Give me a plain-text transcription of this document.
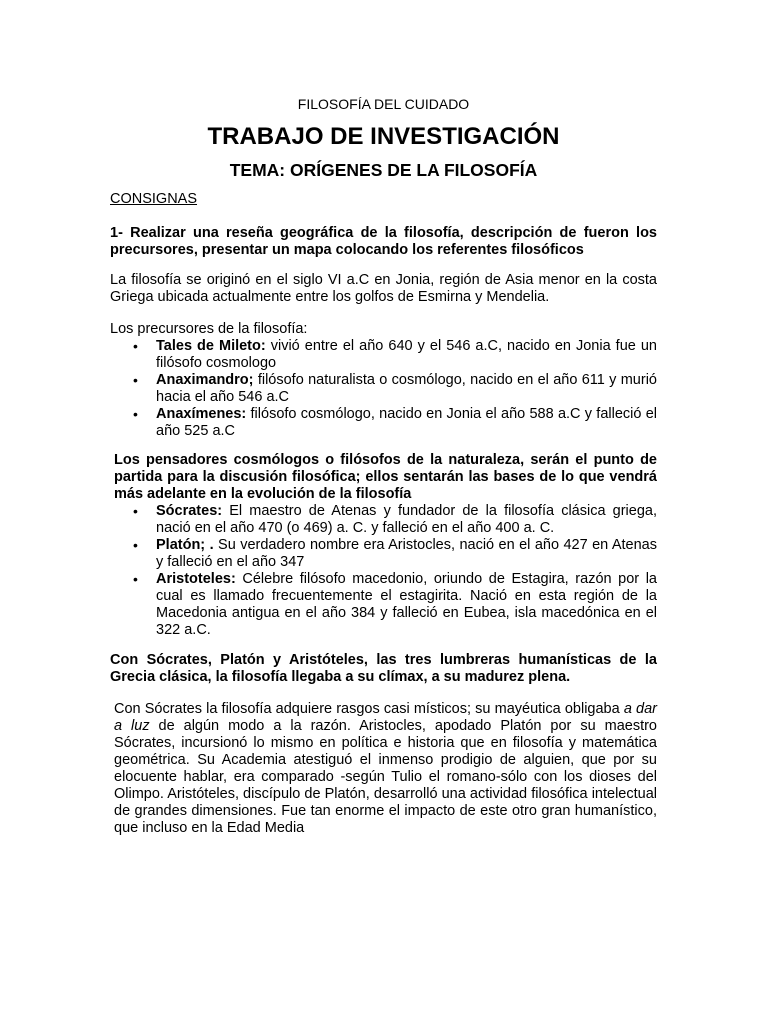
FILOSOFÍA DEL CUIDADO
TRABAJO DE INVESTIGACIÓN
TEMA: ORÍGENES DE LA FILOSOFÍA
CONSIGNAS

1- Realizar una reseña geográfica de la filosofía, descripción de fueron los precursores, presentar un mapa colocando los referentes filosóficos

La filosofía se originó en el siglo VI a.C en Jonia, región de Asia menor en la costa Griega ubicada actualmente entre los golfos de Esmirna y Mendelia.

Los precursores de la filosofía:

• Tales de Mileto: vivió entre el año 640 y el 546 a.C, nacido en Jonia fue un filósofo cosmologo
• Anaximandro; filósofo naturalista o cosmólogo, nacido en el año 611 y murió hacia el año 546 a.C
• Anaxímenes: filósofo cosmólogo, nacido en Jonia el año 588 a.C y falleció el año 525 a.C

Los pensadores cosmólogos o filósofos de la naturaleza, serán el punto de partida para la discusión filosófica; ellos sentarán las bases de lo que vendrá más adelante en la evolución de la filosofía

• Sócrates: El maestro de Atenas y fundador de la filosofía clásica griega, nació en el año 470 (o 469) a. C. y falleció en el año 400 a. C.
• Platón; . Su verdadero nombre era Aristocles, nació en el año 427 en Atenas y falleció en el año 347
• Aristoteles: Célebre filósofo macedonio, oriundo de Estagira, razón por la cual es llamado frecuentemente el estagirita. Nació en esta región de la Macedonia antigua en el año 384 y falleció en Eubea, isla macedónica en el 322 a.C.

Con Sócrates, Platón y Aristóteles, las tres lumbreras humanísticas de la Grecia clásica, la filosofía llegaba a su clímax, a su madurez plena.

Con Sócrates la filosofía adquiere rasgos casi místicos; su mayéutica obligaba a dar a luz de algún modo a la razón. Aristocles, apodado Platón por su maestro Sócrates, incursionó lo mismo en política e historia que en filosofía y matemática geométrica. Su Academia atestiguó el inmenso prodigio de alguien, que por su elocuente hablar, era comparado -según Tulio el romano-sólo con los dioses del Olimpo. Aristóteles, discípulo de Platón, desarrolló una actividad filosófica intelectual de grandes dimensiones. Fue tan enorme el impacto de este otro gran humanístico, que incluso en la Edad Media
